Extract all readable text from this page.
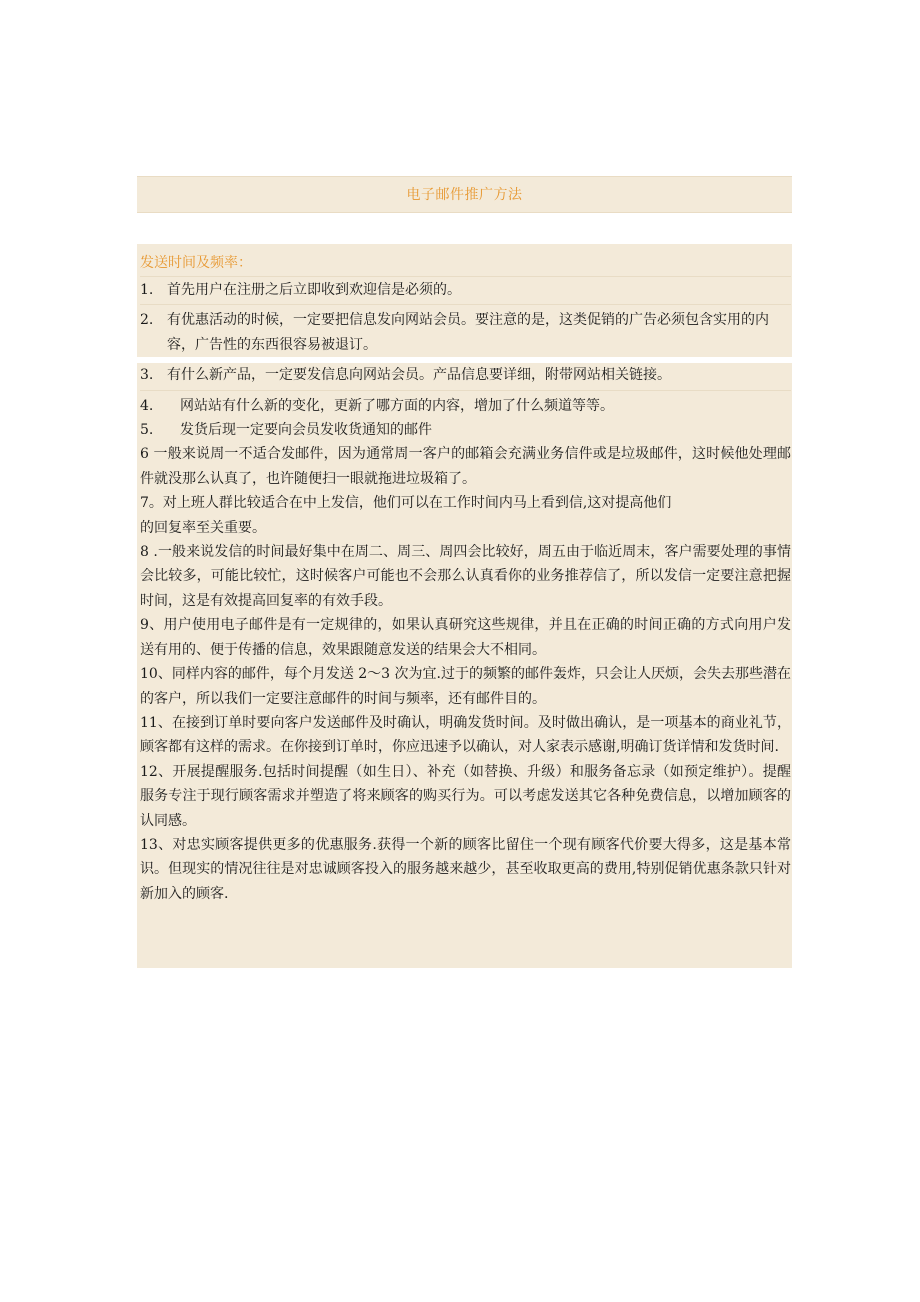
电子邮件推广方法
发送时间及频率：
1. 首先用户在注册之后立即收到欢迎信是必须的。
2. 有优惠活动的时候，一定要把信息发向网站会员。要注意的是，这类促销的广告必须包含实用的内容，广告性的东西很容易被退订。
3. 有什么新产品，一定要发信息向网站会员。产品信息要详细，附带网站相关链接。
4.	网站站有什么新的变化，更新了哪方面的内容，增加了什么频道等等。
5.	发货后现一定要向会员发收货通知的邮件

6 一般来说周一不适合发邮件，因为通常周一客户的邮箱会充满业务信件或是垃圾邮件，这时候他处理邮件就没那么认真了，也许随便扫一眼就拖进垃圾箱了。

7。对上班人群比较适合在中上发信，他们可以在工作时间内马上看到信,这对提高他们

的回复率至关重要。

8 .一般来说发信的时间最好集中在周二、周三、周四会比较好，周五由于临近周末，客户需要处理的事情会比较多，可能比较忙，这时候客户可能也不会那么认真看你的业务推荐信了，所以发信一定要注意把握时间，这是有效提高回复率的有效手段。

9、用户使用电子邮件是有一定规律的，如果认真研究这些规律，并且在正确的时间正确的方式向用户发送有用的、便于传播的信息，效果跟随意发送的结果会大不相同。

10、同样内容的邮件，每个月发送 2～3 次为宜.过于的频繁的邮件轰炸，只会让人厌烦，会失去那些潜在的客户，所以我们一定要注意邮件的时间与频率，还有邮件目的。

11、在接到订单时要向客户发送邮件及时确认，明确发货时间。及时做出确认，是一项基本的商业礼节，顾客都有这样的需求。在你接到订单时，你应迅速予以确认，对人家表示感谢,明确订货详情和发货时间.

12、开展提醒服务.包括时间提醒（如生日）、补充（如替换、升级）和服务备忘录（如预定维护）。提醒服务专注于现行顾客需求并塑造了将来顾客的购买行为。可以考虑发送其它各种免费信息，以增加顾客的认同感。

13、对忠实顾客提供更多的优惠服务.获得一个新的顾客比留住一个现有顾客代价要大得多，这是基本常识。但现实的情况往往是对忠诚顾客投入的服务越来越少，甚至收取更高的费用,特别促销优惠条款只针对新加入的顾客.
